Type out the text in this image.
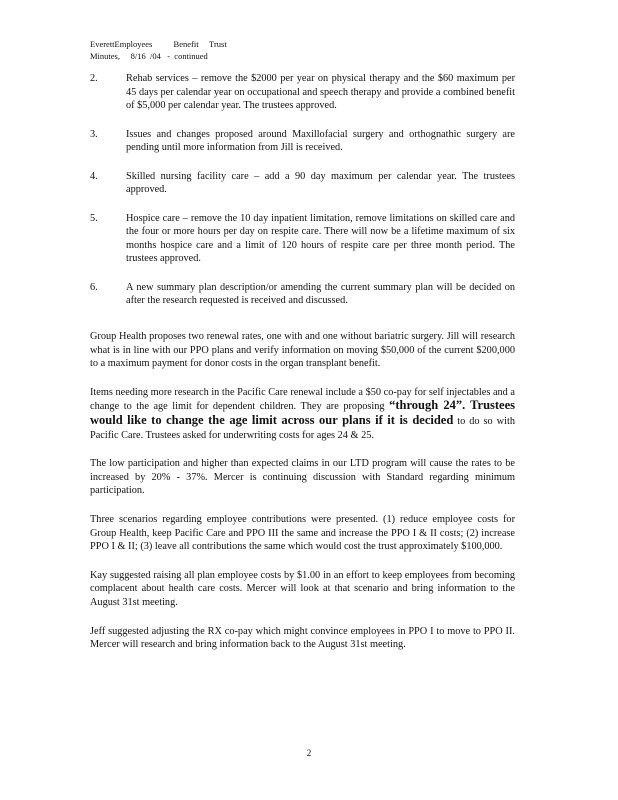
EverettEmployees          Benefit     Trust
Minutes,     8/16  /04   -  continued
2.	Rehab services – remove the $2000 per year on physical therapy and the $60 maximum per 45 days per calendar year on occupational and speech therapy and provide a combined benefit of $5,000 per calendar year. The trustees approved.
3.	Issues and changes proposed around Maxillofacial surgery and orthognathic surgery are pending until more information from Jill is received.
4.	Skilled nursing facility care – add a 90 day maximum per calendar year. The trustees approved.
5.	Hospice care – remove the 10 day inpatient limitation, remove limitations on skilled care and the four or more hours per day on respite care. There will now be a lifetime maximum of six months hospice care and a limit of 120 hours of respite care per three month period. The trustees approved.
6.	A new summary plan description/or amending the current summary plan will be decided on after the research requested is received and discussed.

Group Health proposes two renewal rates, one with and one without bariatric surgery. Jill will research what is in line with our PPO plans and verify information on moving $50,000 of the current $200,000 to a maximum payment for donor costs in the organ transplant benefit.

Items needing more research in the Pacific Care renewal include a $50 co-pay for self injectables and a change to the age limit for dependent children. They are proposing “through 24”. Trustees would like to change the age limit across our plans if it is decided to do so with Pacific Care. Trustees asked for underwriting costs for ages 24 & 25.

The low participation and higher than expected claims in our LTD program will cause the rates to be increased by 20% - 37%. Mercer is continuing discussion with Standard regarding minimum participation.

Three scenarios regarding employee contributions were presented. (1) reduce employee costs for Group Health, keep Pacific Care and PPO III the same and increase the PPO I & II costs; (2) increase PPO I & II; (3) leave all contributions the same which would cost the trust approximately $100,000.

Kay suggested raising all plan employee costs by $1.00 in an effort to keep employees from becoming complacent about health care costs. Mercer will look at that scenario and bring information to the August 31st meeting.

Jeff suggested adjusting the RX co-pay which might convince employees in PPO I to move to PPO II. Mercer will research and bring information back to the August 31st meeting.

2
